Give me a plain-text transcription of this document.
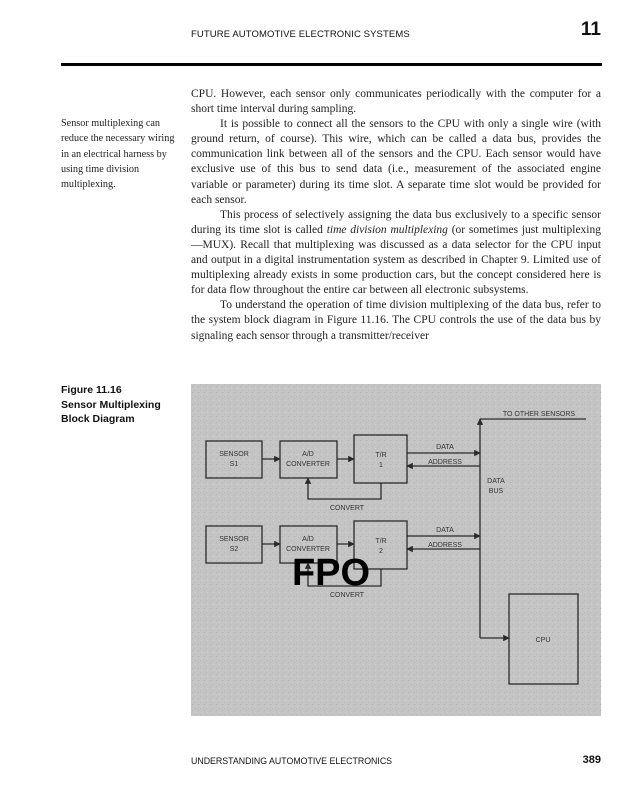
FUTURE AUTOMOTIVE ELECTRONIC SYSTEMS	11
Sensor multiplexing can reduce the necessary wiring in an electrical harness by using time division multiplexing.

CPU. However, each sensor only communicates periodically with the computer for a short time interval during sampling.

It is possible to connect all the sensors to the CPU with only a single wire (with ground return, of course). This wire, which can be called a data bus, provides the communication link between all of the sensors and the CPU. Each sensor would have exclusive use of this bus to send data (i.e., measurement of the associated engine variable or parameter) during its time slot. A separate time slot would be provided for each sensor.

This process of selectively assigning the data bus exclusively to a specific sensor during its time slot is called time division multiplexing (or sometimes just multiplexing—MUX). Recall that multiplexing was discussed as a data selector for the CPU input and output in a digital instrumentation system as described in Chapter 9. Limited use of multiplexing already exists in some production cars, but the concept considered here is for data flow throughout the entire car between all electronic subsystems.

To understand the operation of time division multiplexing of the data bus, refer to the system block diagram in Figure 11.16. The CPU controls the use of the data bus by signaling each sensor through a transmitter/receiver

Figure 11.16
Sensor Multiplexing
Block Diagram	TO OTHER SENSORS
SENSOR
S1
A/D
CONVERTER
T/R
1
DATA
ADDRESS
CONVERT
DATA
BUS
SENSOR
S2
A/D
CONVERTER
T/R
2
DATA
ADDRESS
CONVERT
CPU
FPO
UNDERSTANDING AUTOMOTIVE ELECTRONICS	389
